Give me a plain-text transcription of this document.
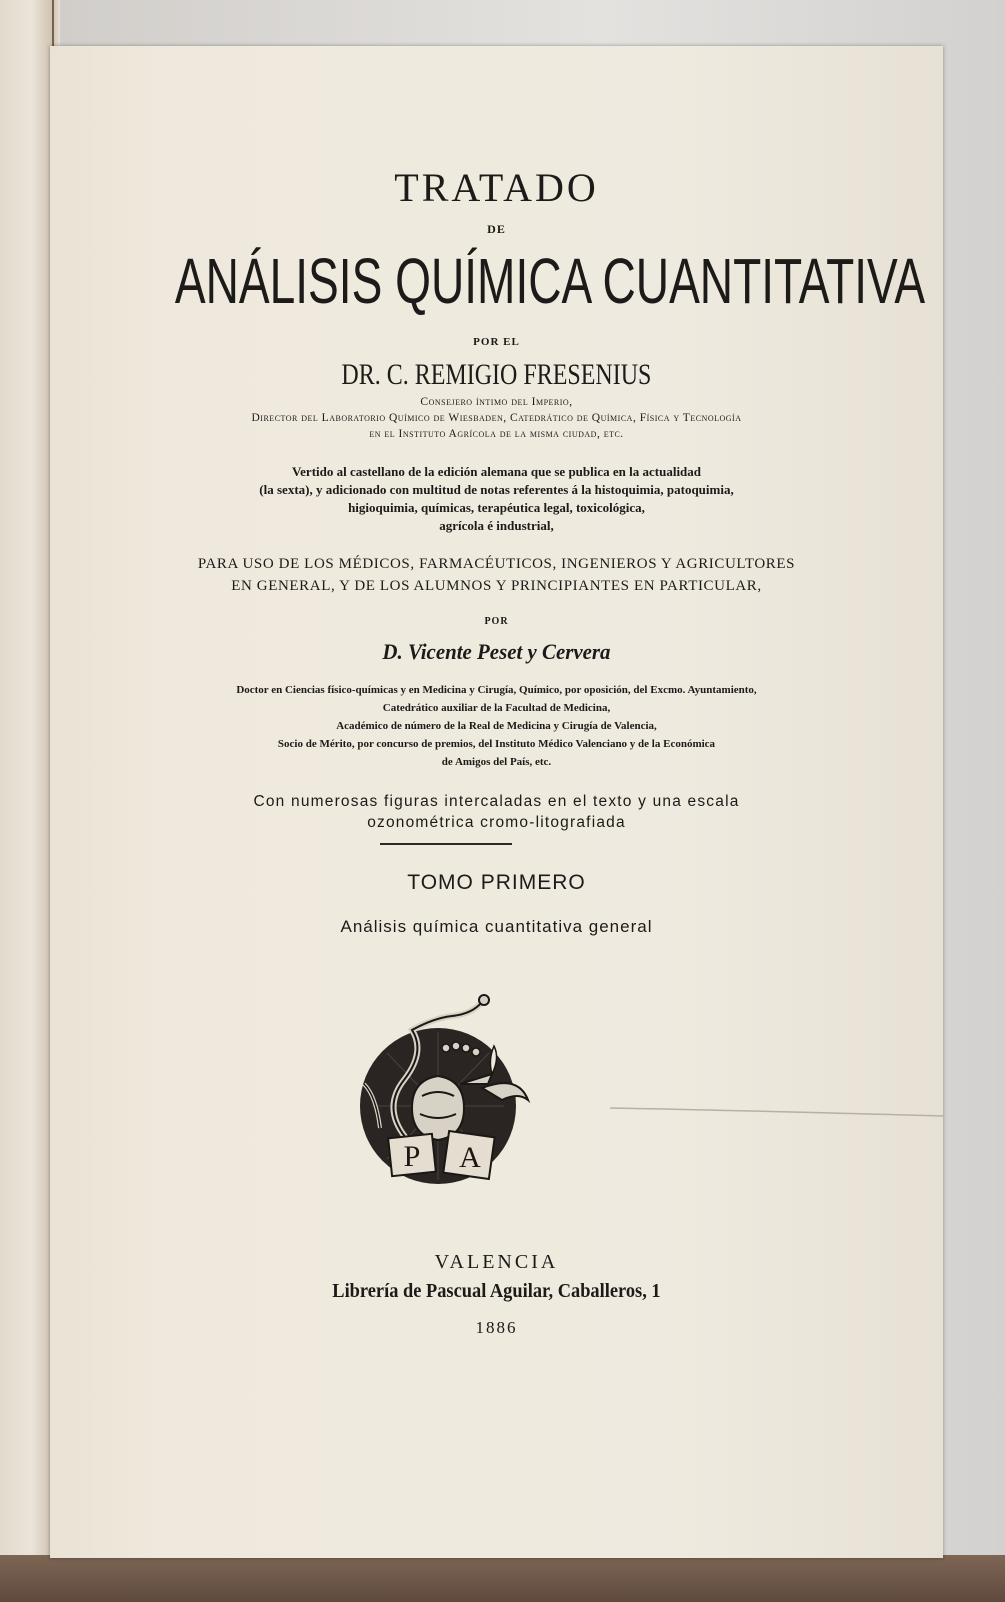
TRATADO
DE
ANÁLISIS QUÍMICA CUANTITATIVA
POR EL
DR. C. REMIGIO FRESENIUS
Consejero íntimo del Imperio,
Director del Laboratorio Químico de Wiesbaden, Catedrático de Química, Física y Tecnología
en el Instituto Agrícola de la misma ciudad, etc.
Vertido al castellano de la edición alemana que se publica en la actualidad
(la sexta), y adicionado con multitud de notas referentes á la histoquimia, patoquimia,
higioquimia, químicas, terapéutica legal, toxicológica,
agrícola é industrial,
PARA USO DE LOS MÉDICOS, FARMACÉUTICOS, INGENIEROS Y AGRICULTORES
EN GENERAL, Y DE LOS ALUMNOS Y PRINCIPIANTES EN PARTICULAR,
POR
D. Vicente Peset y Cervera
Doctor en Ciencias físico-químicas y en Medicina y Cirugía, Químico, por oposición, del Excmo. Ayuntamiento,
Catedrático auxiliar de la Facultad de Medicina,
Académico de número de la Real de Medicina y Cirugía de Valencia,
Socio de Mérito, por concurso de premios, del Instituto Médico Valenciano y de la Económica
de Amigos del País, etc.
Con numerosas figuras intercaladas en el texto y una escala
ozonométrica cromo-litografiada
TOMO PRIMERO
Análisis química cuantitativa general
P A
VALENCIA
Librería de Pascual Aguilar, Caballeros, 1
1886
